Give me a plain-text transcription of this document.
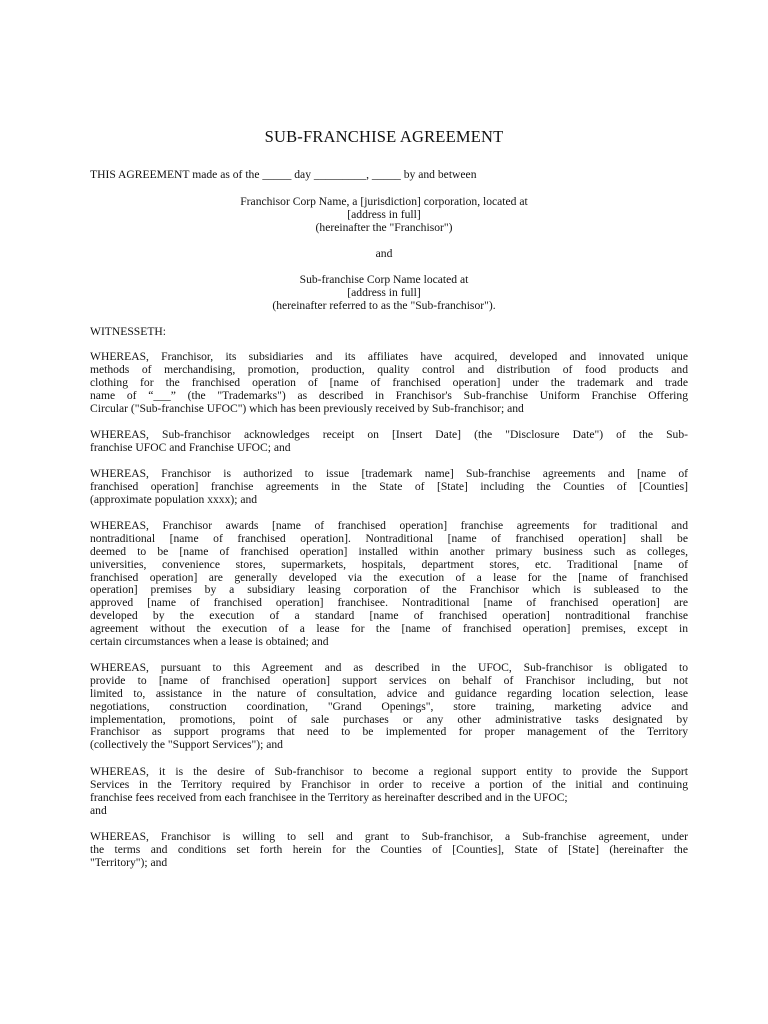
SUB-FRANCHISE AGREEMENT
THIS AGREEMENT made as of the _____ day _________, _____ by and between
Franchisor Corp Name, a [jurisdiction] corporation, located at
[address in full]
(hereinafter the "Franchisor")
and
Sub-franchise Corp Name located at
[address in full]
(hereinafter referred to as the "Sub-franchisor").
WITNESSETH:
WHEREAS, Franchisor, its subsidiaries and its affiliates have acquired, developed and innovated unique
methods of merchandising, promotion, production, quality control and distribution of food products and
clothing for the franchised operation of [name of franchised operation] under the trademark and trade
name of “___” (the "Trademarks") as described in Franchisor's Sub-franchise Uniform Franchise Offering
Circular ("Sub-franchise UFOC") which has been previously received by Sub-franchisor; and
WHEREAS, Sub-franchisor acknowledges receipt on [Insert Date] (the "Disclosure Date") of the Sub-
franchise UFOC and Franchise UFOC; and
WHEREAS, Franchisor is authorized to issue [trademark name] Sub-franchise agreements and [name of
franchised operation] franchise agreements in the State of [State] including the Counties of [Counties]
(approximate population xxxx); and
WHEREAS, Franchisor awards [name of franchised operation] franchise agreements for traditional and
nontraditional [name of franchised operation]. Nontraditional [name of franchised operation] shall be
deemed to be [name of franchised operation] installed within another primary business such as colleges,
universities, convenience stores, supermarkets, hospitals, department stores, etc. Traditional [name of
franchised operation] are generally developed via the execution of a lease for the [name of franchised
operation] premises by a subsidiary leasing corporation of the Franchisor which is subleased to the
approved [name of franchised operation] franchisee. Nontraditional [name of franchised operation] are
developed by the execution of a standard [name of franchised operation] nontraditional franchise
agreement without the execution of a lease for the [name of franchised operation] premises, except in
certain circumstances when a lease is obtained; and
WHEREAS, pursuant to this Agreement and as described in the UFOC, Sub-franchisor is obligated to
provide to [name of franchised operation] support services on behalf of Franchisor including, but not
limited to, assistance in the nature of consultation, advice and guidance regarding location selection, lease
negotiations, construction coordination, "Grand Openings", store training, marketing advice and
implementation, promotions, point of sale purchases or any other administrative tasks designated by
Franchisor as support programs that need to be implemented for proper management of the Territory
(collectively the "Support Services"); and
WHEREAS, it is the desire of Sub-franchisor to become a regional support entity to provide the Support
Services in the Territory required by Franchisor in order to receive a portion of the initial and continuing
franchise fees received from each franchisee in the Territory as hereinafter described and in the UFOC;
and
WHEREAS, Franchisor is willing to sell and grant to Sub-franchisor, a Sub-franchise agreement, under
the terms and conditions set forth herein for the Counties of [Counties], State of [State] (hereinafter the
"Territory"); and
